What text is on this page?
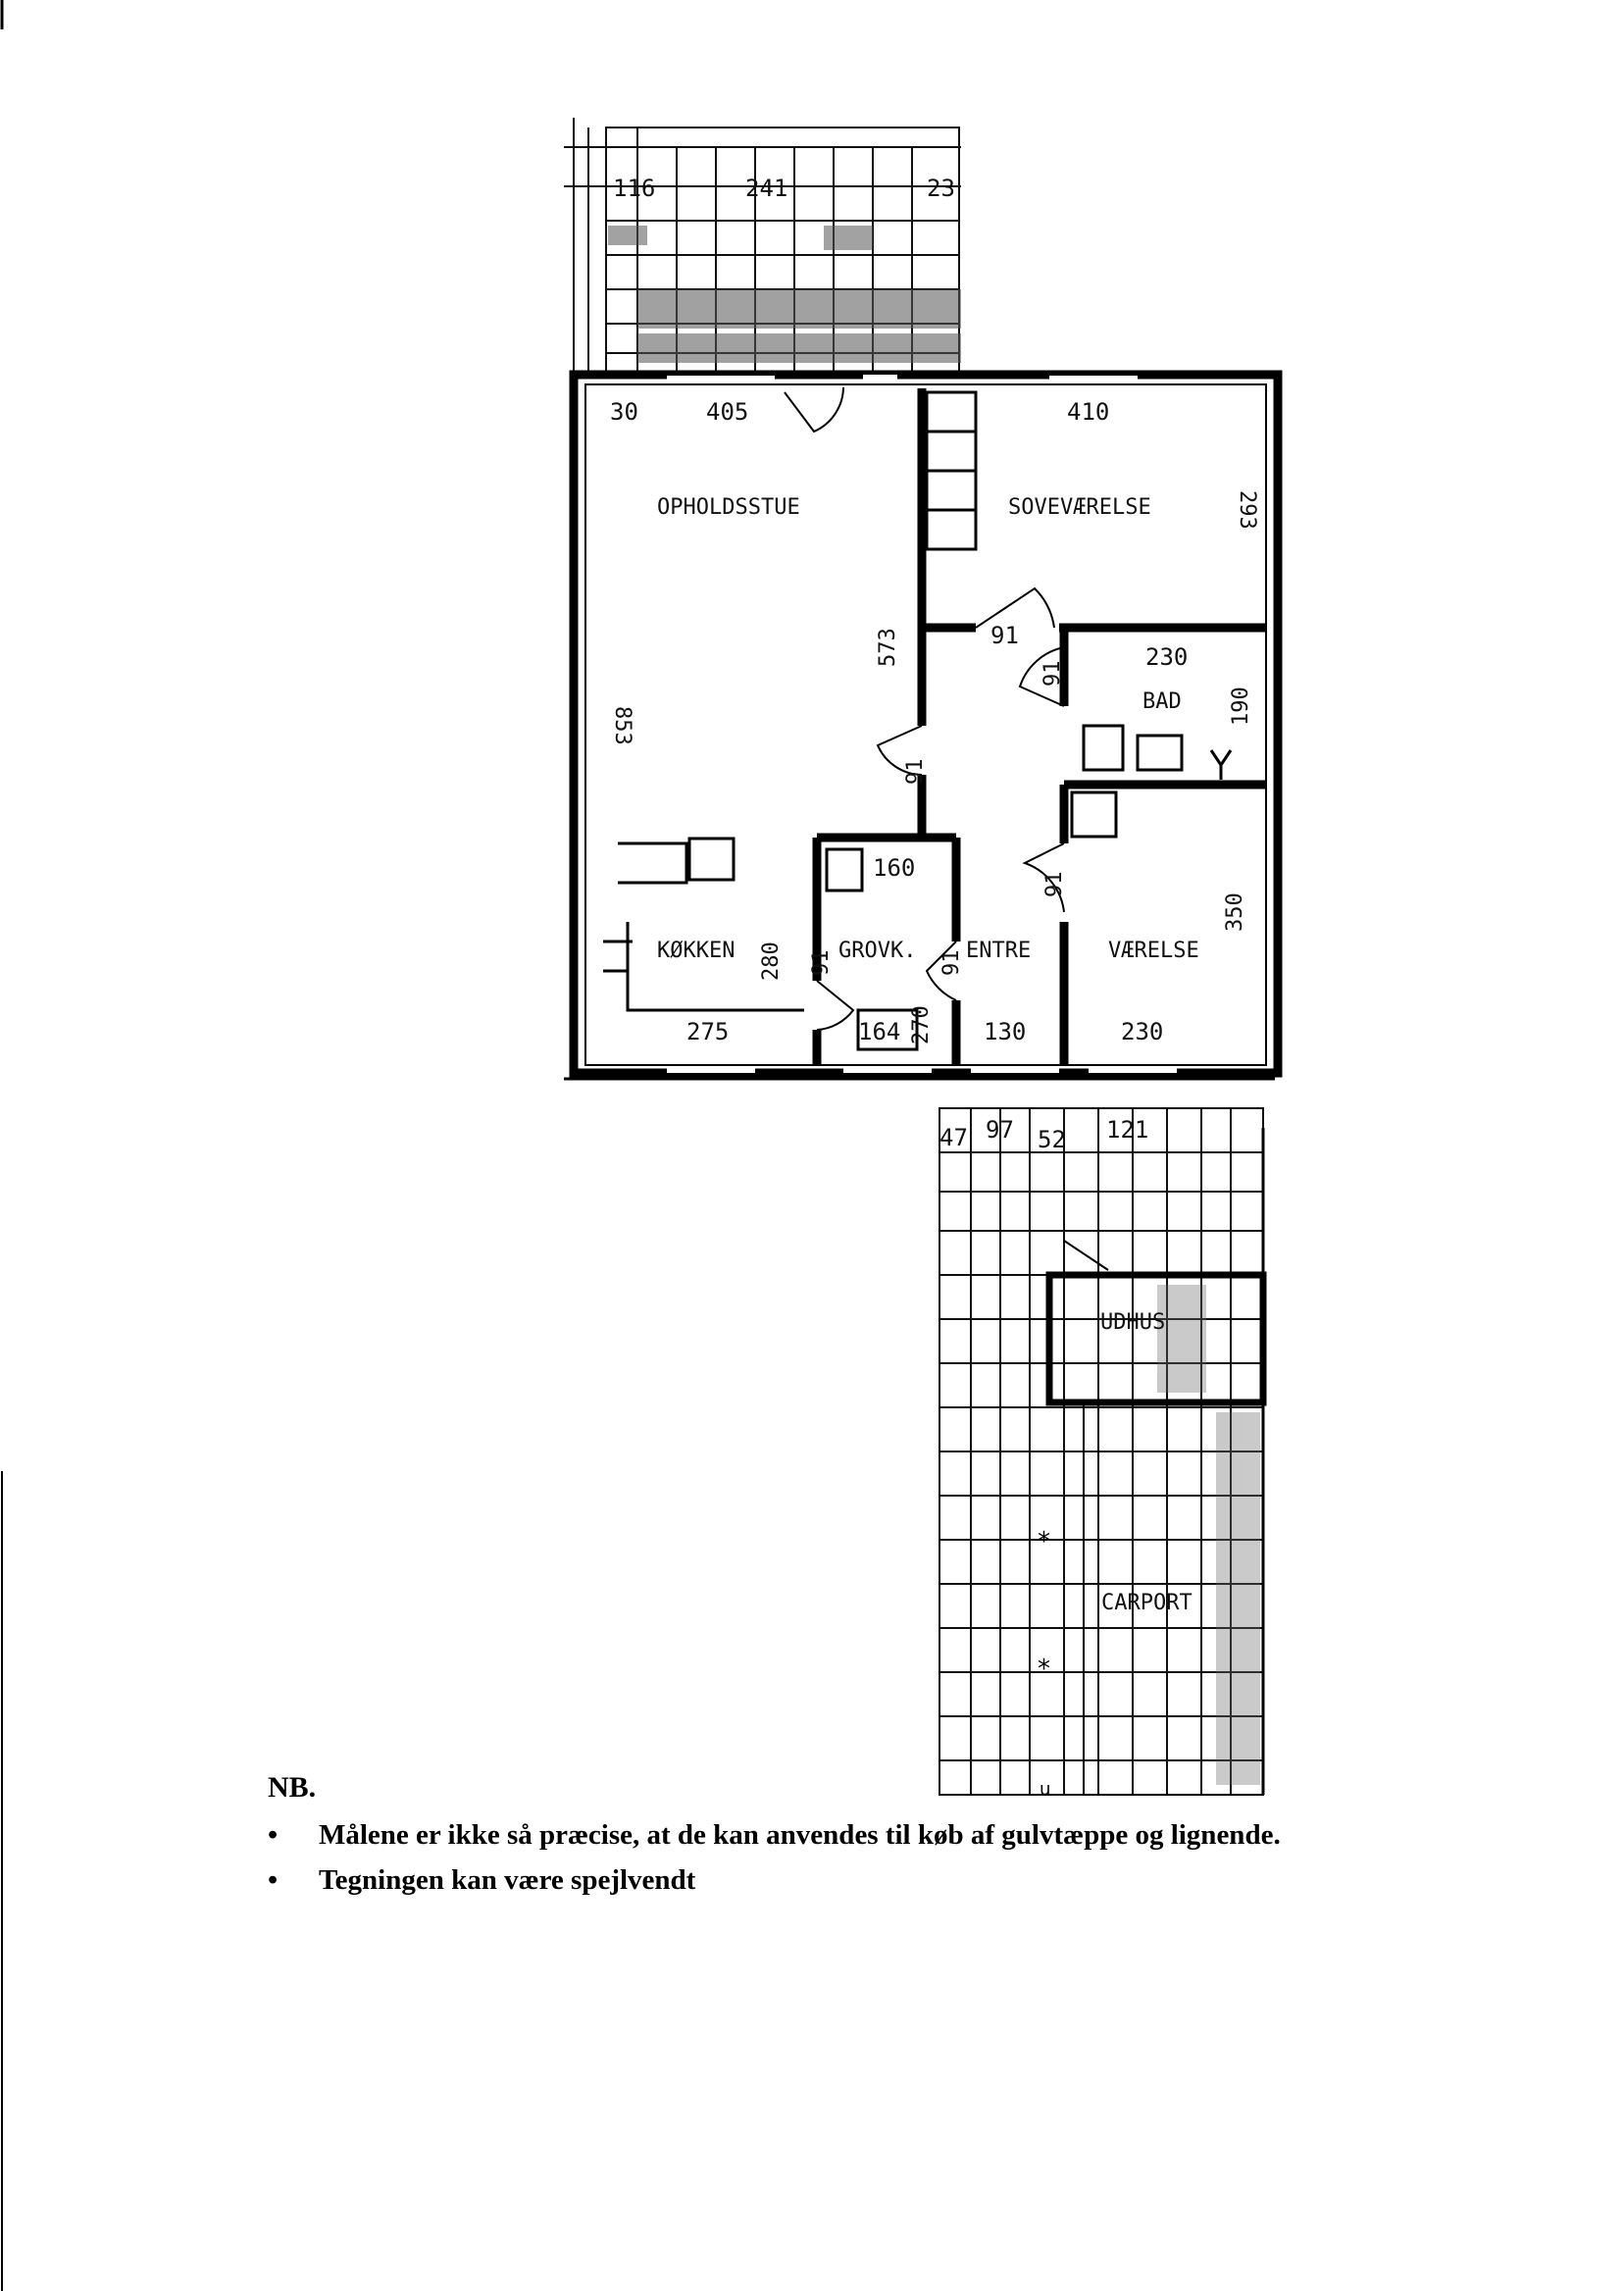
*
*
u
OPHOLDSSTUE	SOVEVÆRELSE
BAD
KØKKEN	GROVK. ENTRE	VÆRELSE
UDHUS
CARPORT
116	241	23
30	405	410
853
573
293
91
91
230
190
91
160
91
350
280 91	91
275	164 270 130	230
47 97 52 121
NB.
• Målene er ikke så præcise, at de kan anvendes til køb af gulvtæppe og lignende.
• Tegningen kan være spejlvendt
